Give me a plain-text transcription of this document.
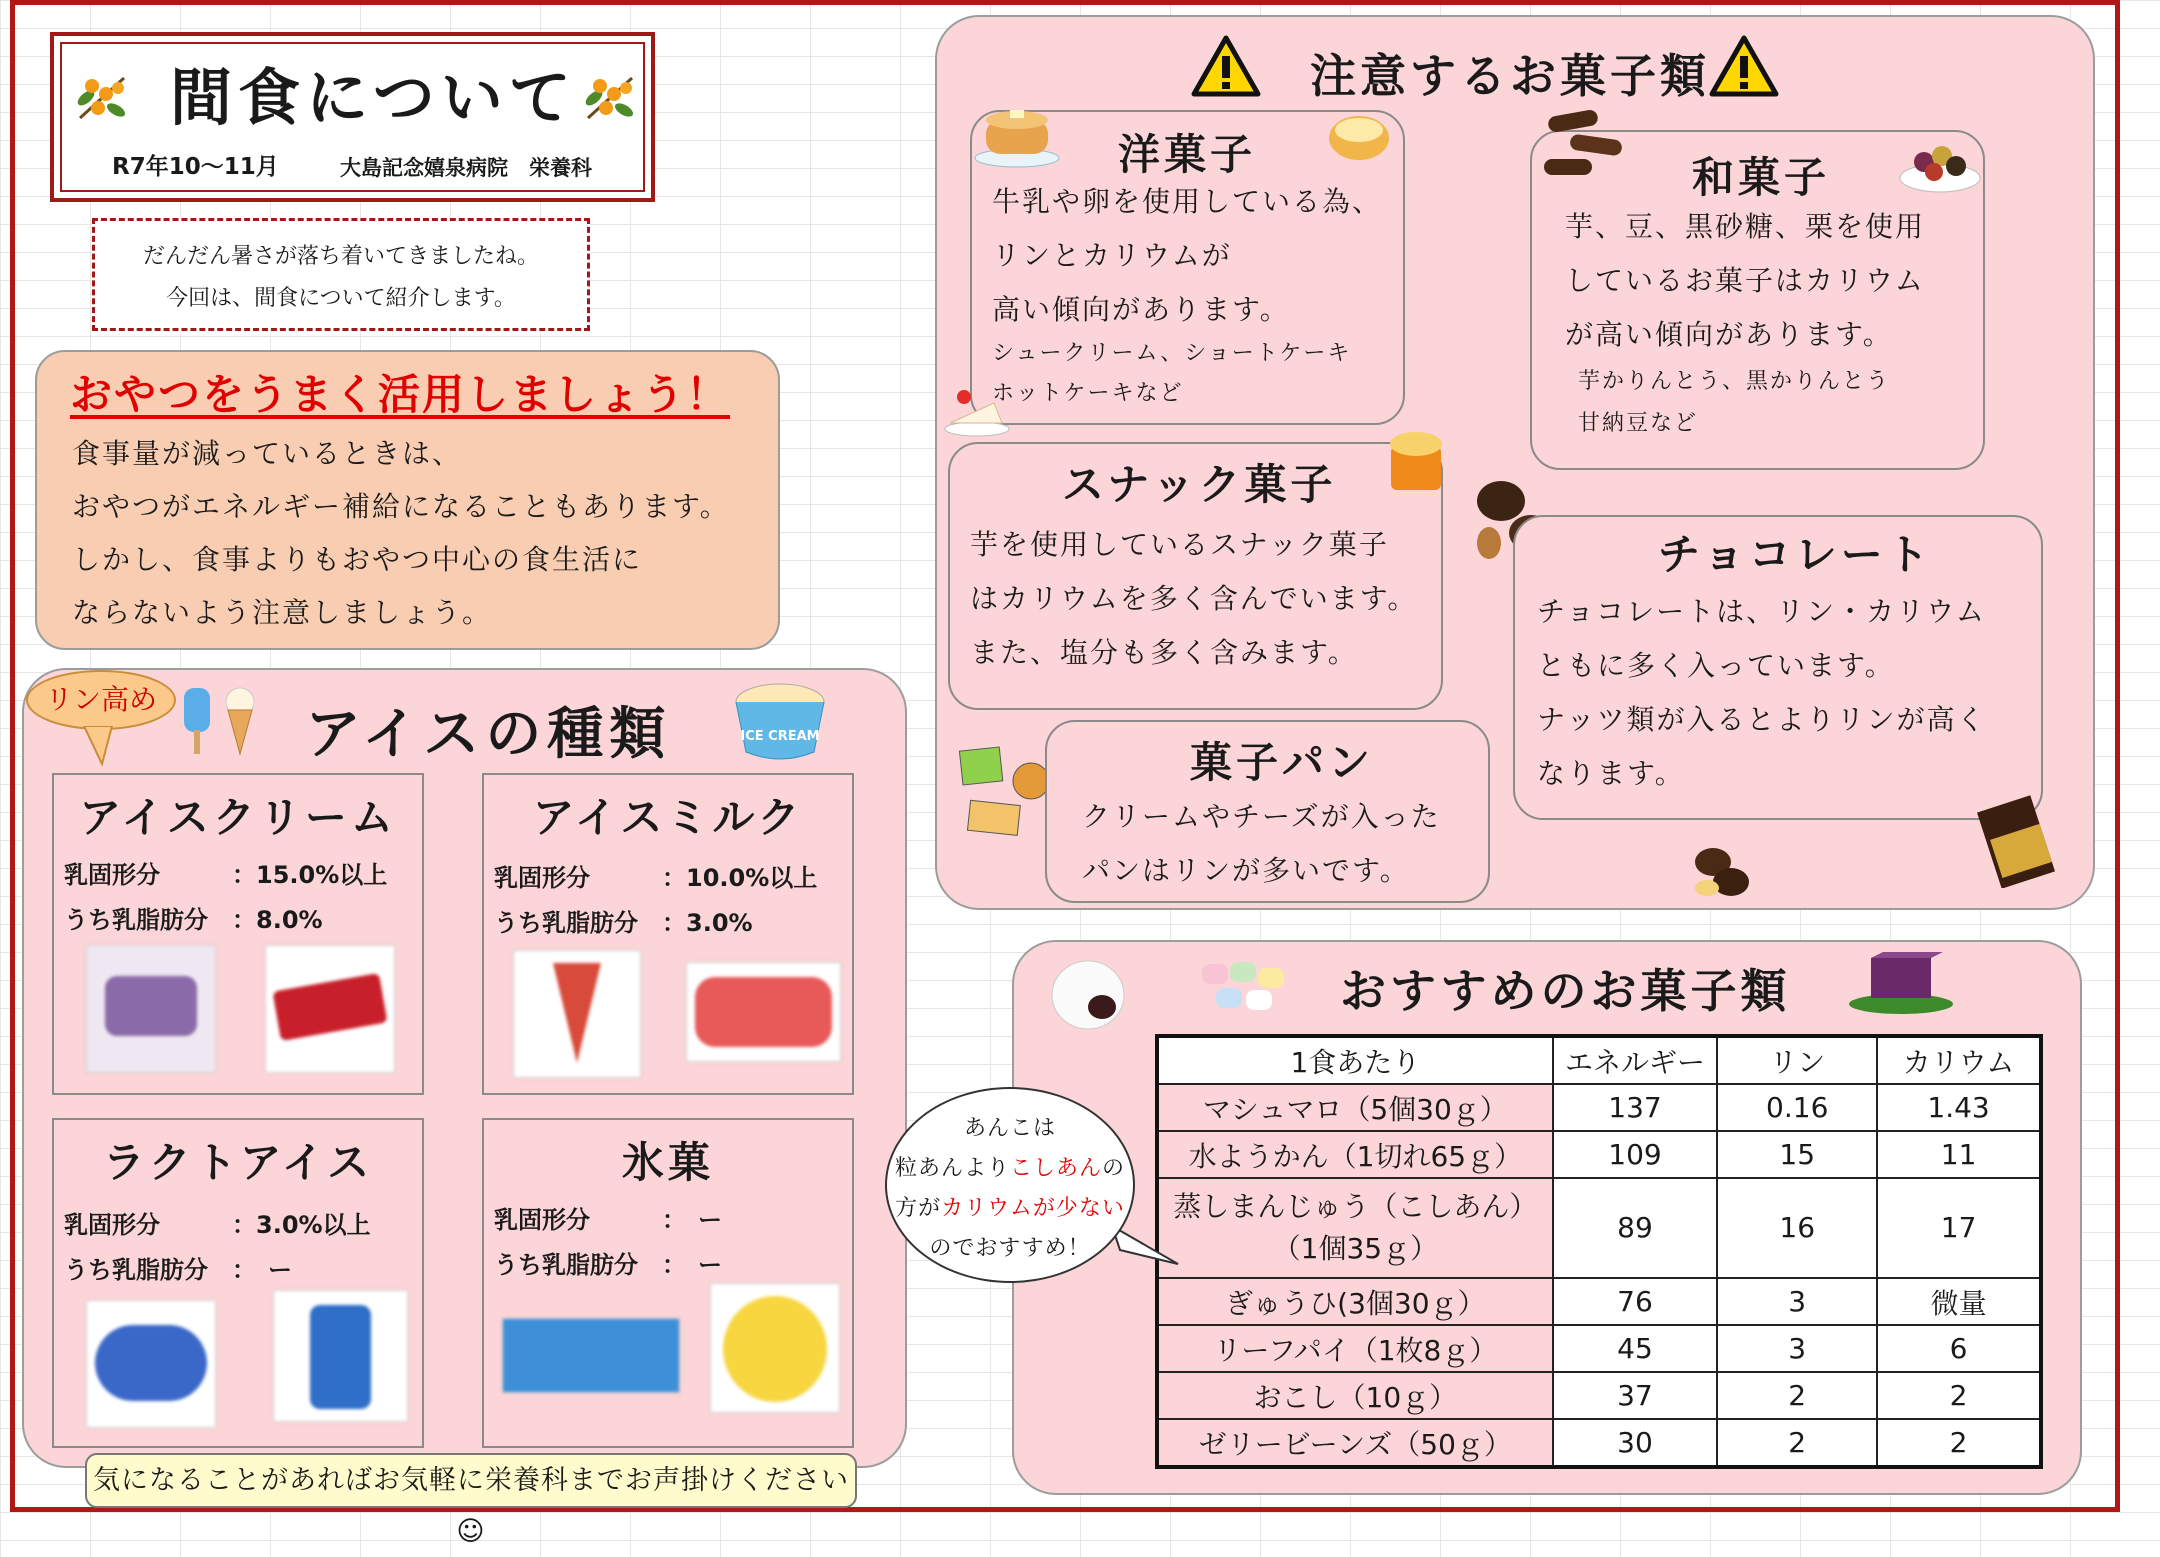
間食について
R7年10〜11月	大島記念嬉泉病院　栄養科
だんだん暑さが落ち着いてきましたね。
今回は、間食について紹介します。
おやつをうまく活用しましょう！
食事量が減っているときは、
おやつがエネルギー補給になることもあります。
しかし、食事よりもおやつ中心の食生活に
ならないよう注意しましょう。
リン高め
アイスの種類	ICE CREAM
アイスクリーム
乳固形分	：15.0%以上
うち乳脂肪分 ：8.0%
アイスミルク
乳固形分	：10.0%以上
うち乳脂肪分 ：3.0%
ラクトアイス
乳固形分	：3.0%以上
うち乳脂肪分 ：　ー
氷菓
乳固形分	：　ー
うち乳脂肪分 ：　ー
気になることがあればお気軽に栄養科までお声掛けください☺
注意するお菓子類
洋菓子
牛乳や卵を使用している為、
リンとカリウムが
高い傾向があります。
シュークリーム、ショートケーキ
ホットケーキなど
和菓子
芋、豆、黒砂糖、栗を使用
しているお菓子はカリウム
が高い傾向があります。
芋かりんとう、黒かりんとう
甘納豆など
スナック菓子
芋を使用しているスナック菓子
はカリウムを多く含んでいます。
また、塩分も多く含みます。
チョコレート
チョコレートは、リン・カリウム
ともに多く入っています。
ナッツ類が入るとよりリンが高く
なります。
菓子パン
クリームやチーズが入った
パンはリンが多いです。
おすすめのお菓子類
1食あたり	エネルギー	リン	カリウム
マシュマロ（5個30ｇ）	137	0.16	1.43
水ようかん（1切れ65ｇ）	109	15	11

蒸しまんじゅう（こしあん）
（1個35ｇ）	89	16	17
ぎゅうひ(3個30ｇ）	76	3	微量
リーフパイ（1枚8ｇ）	45	3	6
おこし（10ｇ）	37	2	2
ゼリービーンズ（50ｇ）	30	2	2
あんこは
粒あんよりこしあんの
方がカリウムが少ない
のでおすすめ！
